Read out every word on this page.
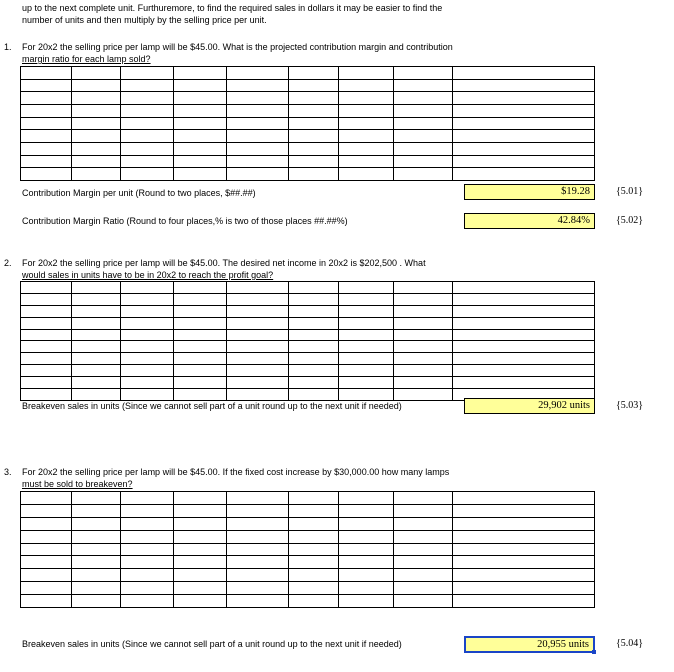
up to the next complete unit. Furthuremore, to find the required sales in dollars it may be easier to find the
number of units and then multiply by the selling price per unit.
1. For 20x2 the selling price per lamp will be $45.00. What is the projected contribution margin and contribution
margin ratio for each lamp sold?

Contribution Margin per unit (Round to two places, $##.##)	$19.28	{5.01}
Contribution Margin Ratio (Round to four places,% is two of those places ##.##%)	42.84%	{5.02}
2. For 20x2 the selling price per lamp will be $45.00. The desired net income in 20x2 is $202,500 . What
would sales in units have to be in 20x2 to reach the profit goal?

Breakeven sales in units (Since we cannot sell part of a unit round up to the next unit if needed)	29,902 units	{5.03}
3. For 20x2 the selling price per lamp will be $45.00. If the fixed cost increase by $30,000.00 how many lamps
must be sold to breakeven?

Breakeven sales in units (Since we cannot sell part of a unit round up to the next unit if needed)	20,955 units	{5.04}
